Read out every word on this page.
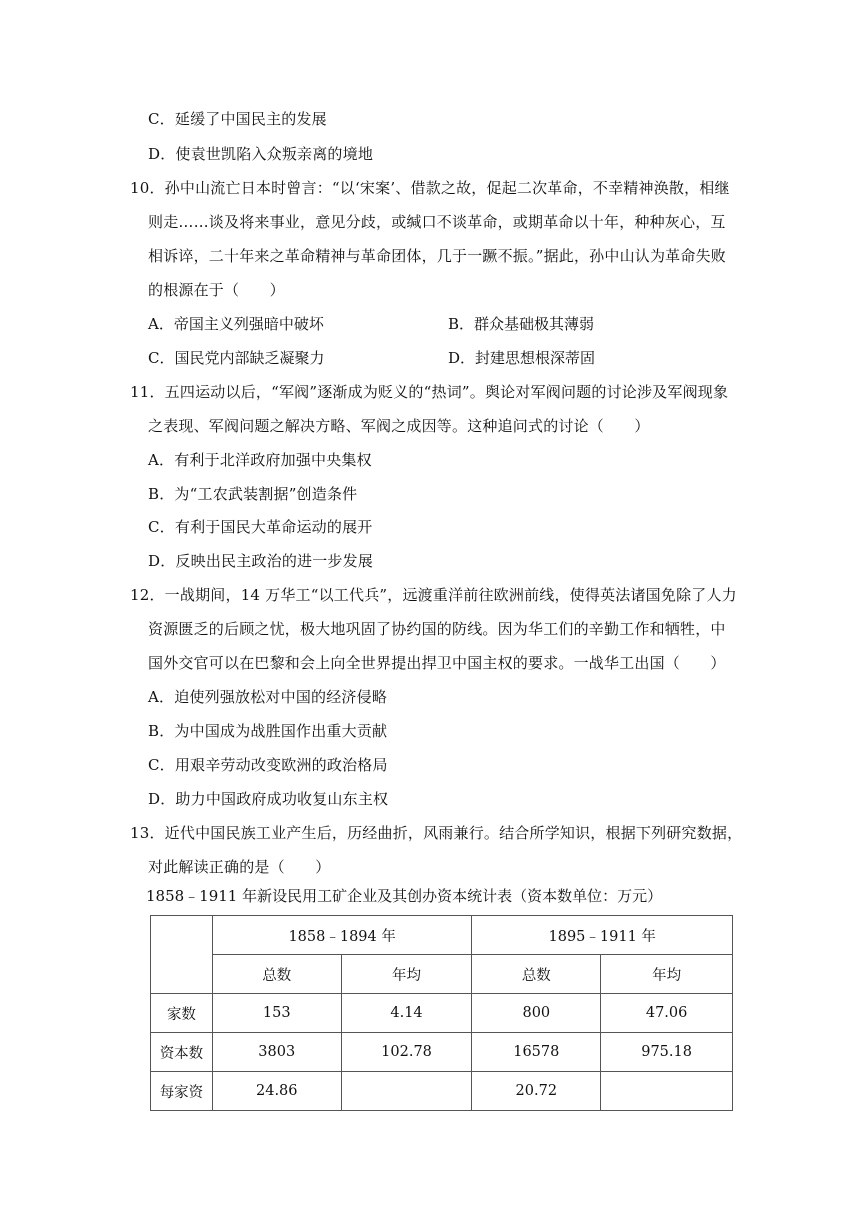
C．延缓了中国民主的发展
D．使袁世凯陷入众叛亲离的境地
10．孙中山流亡日本时曾言：“以‘宋案’、借款之故，促起二次革命，不幸精神涣散，相继
则走……谈及将来事业，意见分歧，或缄口不谈革命，或期革命以十年，种种灰心，互
相诉谇，二十年来之革命精神与革命团体，几于一蹶不振。”据此，孙中山认为革命失败
的根源在于（　　）
A．帝国主义列强暗中破坏	B．群众基础极其薄弱
C．国民党内部缺乏凝聚力	D．封建思想根深蒂固
11．五四运动以后，“军阀”逐渐成为贬义的“热词”。舆论对军阀问题的讨论涉及军阀现象
之表现、军阀问题之解决方略、军阀之成因等。这种追问式的讨论（　　）
A．有利于北洋政府加强中央集权
B．为“工农武装割据”创造条件
C．有利于国民大革命运动的展开
D．反映出民主政治的进一步发展
12．一战期间，14 万华工“以工代兵”，远渡重洋前往欧洲前线，使得英法诸国免除了人力
资源匮乏的后顾之忧，极大地巩固了协约国的防线。因为华工们的辛勤工作和牺牲，中
国外交官可以在巴黎和会上向全世界提出捍卫中国主权的要求。一战华工出国（　　）
A．迫使列强放松对中国的经济侵略
B．为中国成为战胜国作出重大贡献
C．用艰辛劳动改变欧洲的政治格局
D．助力中国政府成功收复山东主权
13．近代中国民族工业产生后，历经曲折，风雨兼行。结合所学知识，根据下列研究数据，
对此解读正确的是（　　）
1858﹣1911 年新设民用工矿企业及其创办资本统计表（资本数单位：万元）
	1858﹣1894 年		1895﹣1911 年	
	总数	年均	总数	年均
家数	153	4.14	800	47.06
资本数	3803	102.78	16578	975.18
每家资	24.86		20.72	
